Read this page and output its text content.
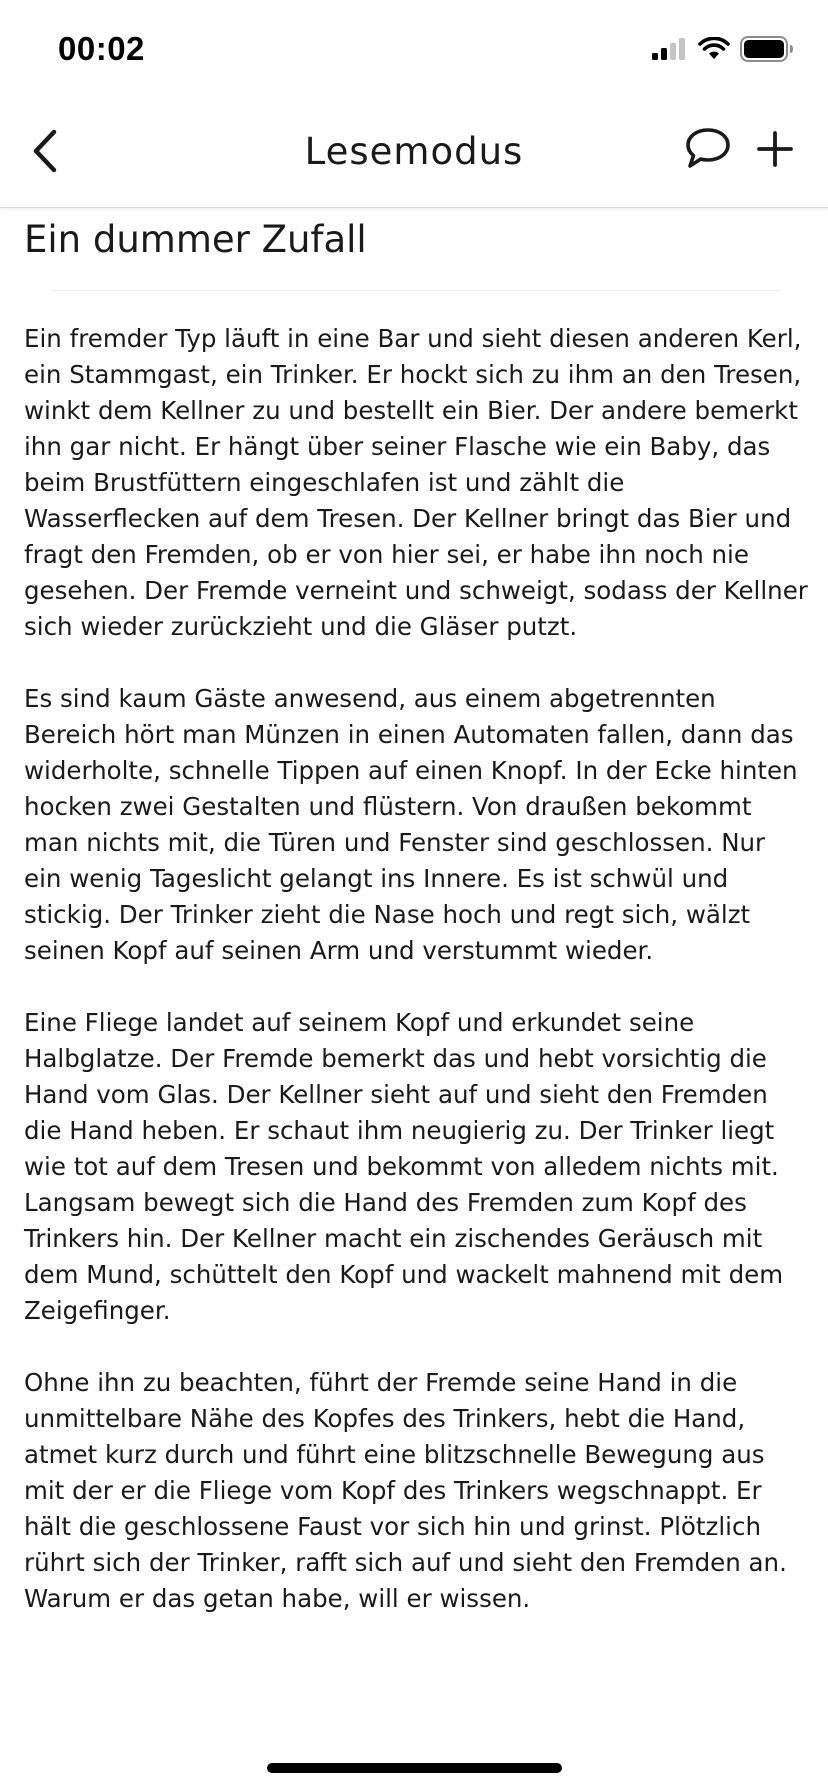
00:02
Lesemodus
Ein dummer Zufall

Ein fremder Typ läuft in eine Bar und sieht diesen anderen Kerl, ein Stammgast, ein Trinker. Er hockt sich zu ihm an den Tresen, winkt dem Kellner zu und bestellt ein Bier. Der andere bemerkt ihn gar nicht. Er hängt über seiner Flasche wie ein Baby, das beim Brustfüttern eingeschlafen ist und zählt die Wasserflecken auf dem Tresen. Der Kellner bringt das Bier und fragt den Fremden, ob er von hier sei, er habe ihn noch nie gesehen. Der Fremde verneint und schweigt, sodass der Kellner sich wieder zurückzieht und die Gläser putzt.

Es sind kaum Gäste anwesend, aus einem abgetrennten Bereich hört man Münzen in einen Automaten fallen, dann das widerholte, schnelle Tippen auf einen Knopf. In der Ecke hinten hocken zwei Gestalten und flüstern. Von draußen bekommt man nichts mit, die Türen und Fenster sind geschlossen. Nur ein wenig Tageslicht gelangt ins Innere. Es ist schwül und stickig. Der Trinker zieht die Nase hoch und regt sich, wälzt seinen Kopf auf seinen Arm und verstummt wieder.

Eine Fliege landet auf seinem Kopf und erkundet seine Halbglatze. Der Fremde bemerkt das und hebt vorsichtig die Hand vom Glas. Der Kellner sieht auf und sieht den Fremden die Hand heben. Er schaut ihm neugierig zu. Der Trinker liegt wie tot auf dem Tresen und bekommt von alledem nichts mit. Langsam bewegt sich die Hand des Fremden zum Kopf des Trinkers hin. Der Kellner macht ein zischendes Geräusch mit dem Mund, schüttelt den Kopf und wackelt mahnend mit dem Zeigefinger.

Ohne ihn zu beachten, führt der Fremde seine Hand in die unmittelbare Nähe des Kopfes des Trinkers, hebt die Hand, atmet kurz durch und führt eine blitzschnelle Bewegung aus mit der er die Fliege vom Kopf des Trinkers wegschnappt. Er hält die geschlossene Faust vor sich hin und grinst. Plötzlich rührt sich der Trinker, rafft sich auf und sieht den Fremden an. Warum er das getan habe, will er wissen.
